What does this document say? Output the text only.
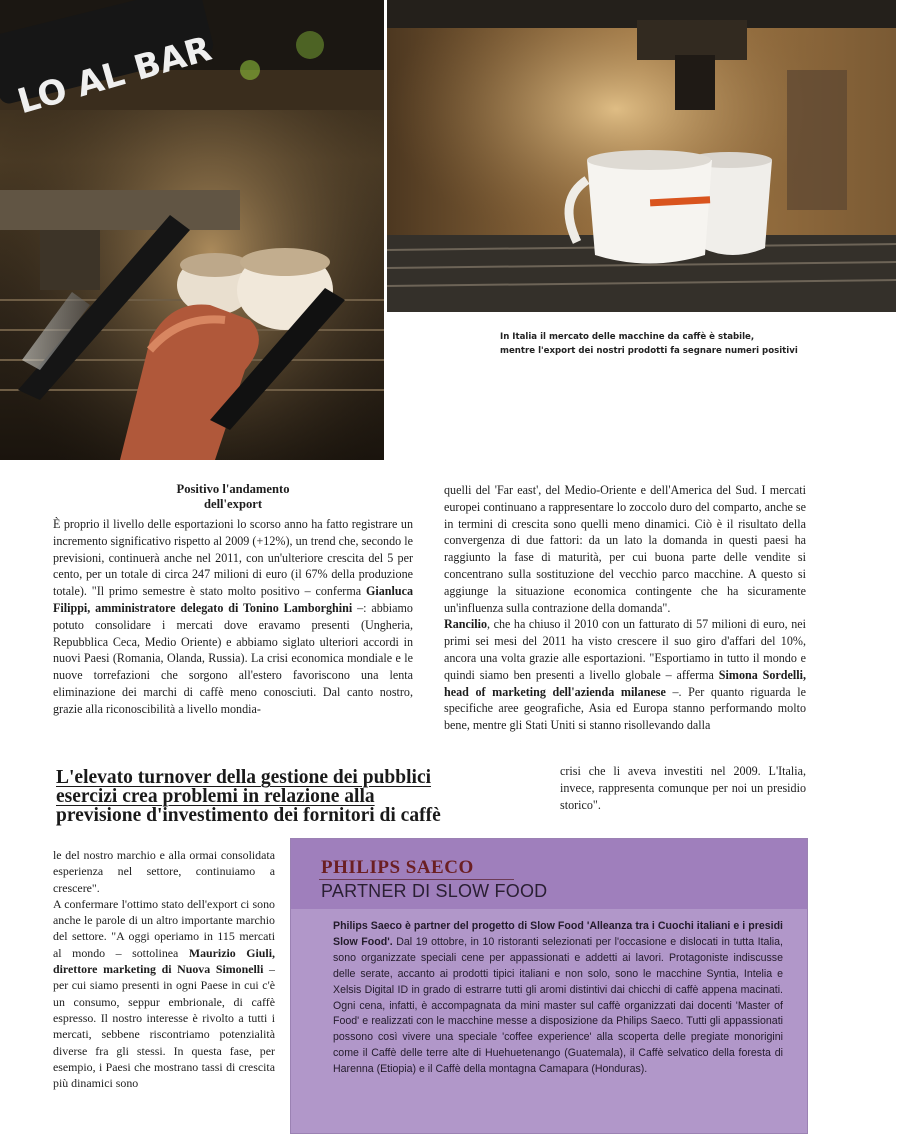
LO AL BAR
In Italia il mercato delle macchine da caffè è stabile,
mentre l'export dei nostri prodotti fa segnare numeri positivi
Positivo l'andamento
dell'export

È proprio il livello delle esportazioni lo scorso anno ha fatto registrare un incremento significativo rispetto al 2009 (+12%), un trend che, secondo le previsioni, continuerà anche nel 2011, con un'ulteriore crescita del 5 per cento, per un totale di circa 247 milioni di euro (il 67% della produzione totale). "Il primo semestre è stato molto positivo – conferma Gianluca Filippi, amministratore delegato di Tonino Lamborghini –: abbiamo potuto consolidare i mercati dove eravamo presenti (Ungheria, Repubblica Ceca, Medio Oriente) e abbiamo siglato ulteriori accordi in nuovi Paesi (Romania, Olanda, Russia). La crisi economica mondiale e le nuove torrefazioni che sorgono all'estero favoriscono una lenta eliminazione dei marchi di caffè meno conosciuti. Dal canto nostro, grazie alla riconoscibilità a livello mondia-

quelli del 'Far east', del Medio-Oriente e dell'America del Sud. I mercati europei continuano a rappresentare lo zoccolo duro del comparto, anche se in termini di crescita sono quelli meno dinamici. Ciò è il risultato della convergenza di due fattori: da un lato la domanda in questi paesi ha raggiunto la fase di maturità, per cui buona parte delle vendite si concentrano sulla sostituzione del vecchio parco macchine. A questo si aggiunge la situazione economica contingente che ha sicuramente un'influenza sulla contrazione della domanda".

Rancilio, che ha chiuso il 2010 con un fatturato di 57 milioni di euro, nei primi sei mesi del 2011 ha visto crescere il suo giro d'affari del 10%, ancora una volta grazie alle esportazioni. "Esportiamo in tutto il mondo e quindi siamo ben presenti a livello globale – afferma Simona Sordelli, head of marketing dell'azienda milanese –. Per quanto riguarda le specifiche aree geografiche, Asia ed Europa stanno performando molto bene, mentre gli Stati Uniti si stanno risollevando dalla

crisi che li aveva investiti nel 2009. L'Italia, invece, rappresenta comunque per noi un presidio storico".

L'elevato turnover della gestione dei pubblici
esercizi crea problemi in relazione alla
previsione d'investimento dei fornitori di caffè

le del nostro marchio e alla ormai consolidata esperienza nel settore, continuiamo a crescere".

A confermare l'ottimo stato dell'export ci sono anche le parole di un altro importante marchio del settore. "A oggi operiamo in 115 mercati al mondo – sottolinea Maurizio Giuli, direttore marketing di Nuova Simonelli – per cui siamo presenti in ogni Paese in cui c'è un consumo, seppur embrionale, di caffè espresso. Il nostro interesse è rivolto a tutti i mercati, sebbene riscontriamo potenzialità diverse fra gli stessi. In questa fase, per esempio, i Paesi che mostrano tassi di crescita più dinamici sono

PHILIPS SAECO
PARTNER DI SLOW FOOD
Philips Saeco è partner del progetto di Slow Food 'Alleanza tra i Cuochi italiani e i presidi Slow Food'. Dal 19 ottobre, in 10 ristoranti selezionati per l'occasione e dislocati in tutta Italia, sono organizzate speciali cene per appassionati e addetti ai lavori. Protagoniste indiscusse delle serate, accanto ai prodotti tipici italiani e non solo, sono le macchine Syntia, Intelia e Xelsis Digital ID in grado di estrarre tutti gli aromi distintivi dai chicchi di caffè appena macinati. Ogni cena, infatti, è accompagnata da mini master sul caffè organizzati dai docenti 'Master of Food' e realizzati con le macchine messe a disposizione da Philips Saeco. Tutti gli appassionati possono così vivere una speciale 'coffee experience' alla scoperta delle pregiate monorigini come il Caffè delle terre alte di Huehuetenango (Guatemala), il Caffè selvatico della foresta di Harenna (Etiopia) e il Caffè della montagna Camapara (Honduras).
